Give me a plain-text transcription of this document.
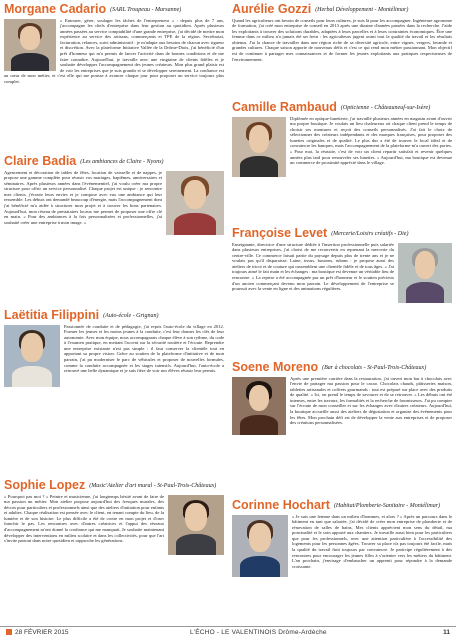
Morgane Cadario (SARL Troupeau - Marsanne)

« Entourer, gérer, soulager les tâches de l'entrepreneur » : depuis plus de 7 ans, j'accompagne les chefs d'entreprise dans leur gestion au quotidien. Après plusieurs années passées au service comptabilité d'une grande entreprise, j'ai décidé de mettre mon expérience au service des artisans, commerçants et TPE de la région. Secrétariat, facturation, relances, suivi administratif : je m'adapte aux besoins de chacun avec rigueur et discrétion. Avec la plateforme Initiative Vallée de la Drôme-Diois, j'ai bénéficié d'un prêt d'honneur qui m'a permis de lancer l'activité dans de bonnes conditions et de me faire connaître. Aujourd'hui, je travaille avec une vingtaine de clients fidèles et je souhaite développer l'accompagnement des jeunes créateurs. Mon plus grand plaisir est de voir les entreprises que je suis grandir et se développer sereinement. La confiance est au cœur de mon métier, et c'est elle qui me pousse à avancer chaque jour pour proposer un service toujours plus complet.

Claire Badia (Les ambiances de Claire - Nyons)

Agencement et décoration de tables de fêtes, location de vaisselle et de nappes, je propose une gamme complète pour réussir vos mariages, baptêmes, anniversaires et séminaires. Après plusieurs années dans l'événementiel, j'ai voulu créer ma propre structure pour offrir un service personnalisé. Chaque projet est unique : je rencontre mes clients, j'écoute leurs envies et je compose avec eux une ambiance qui leur ressemble. Les débuts ont demandé beaucoup d'énergie, mais l'accompagnement dont j'ai bénéficié m'a aidée à structurer mon projet et à trouver les bons partenaires. Aujourd'hui, mon réseau de prestataires locaux me permet de proposer une offre clé en main. « Pour des ambiances à la fois personnalisées et professionnelles, j'ai souhaité créer une entreprise à mon image. »

Laëtitia Filippini (Auto-école - Grignan)

Passionnée de conduite et de pédagogie, j'ai repris l'auto-école du village en 2012. Former les jeunes et les moins jeunes à la conduite, c'est leur donner les clés de leur autonomie. Avec mon équipe, nous accompagnons chaque élève à son rythme, du code à l'examen pratique, en mettant l'accent sur la sécurité routière et l'écoute. Reprendre une entreprise existante n'est pas simple : il faut conserver la clientèle tout en apportant sa propre vision. Grâce au soutien de la plateforme d'initiative et de mon parrain, j'ai pu moderniser le parc de véhicules et proposer de nouvelles formules, comme la conduite accompagnée et les stages intensifs. Aujourd'hui, l'auto-école a retrouvé une belle dynamique et je suis fière de voir nos élèves réussir leur permis.

Sophie Lopez (Music'Atelier d'art mural - St-Paul-Trois-Châteaux)

« Pourquoi pas moi ? » Peintre et musicienne, j'ai longtemps hésité avant de faire de ma passion un métier. Mon atelier propose aujourd'hui des fresques murales, des décors pour particuliers et professionnels ainsi que des ateliers d'initiation pour enfants et adultes. Chaque réalisation est pensée avec le client, en tenant compte du lieu, de la lumière et de son histoire. Le plus difficile a été de croire en mon projet et d'oser franchir le pas. Les rencontres avec d'autres créatrices et l'appui des réseaux d'accompagnement m'ont donné la confiance qui me manquait. Je souhaite maintenant développer des interventions en milieu scolaire et dans les collectivités, pour que l'art s'invite partout dans notre quotidien et rapproche les générations.

Aurélie Gozzi (Herbal Développement - Montélimar)

Quand les agriculteurs ont besoin de conseils pour leurs cultures, je suis là pour les accompagner. Ingénieure agronome de formation, j'ai créé mon entreprise de conseil en 2013 après une dizaine d'années passées dans la recherche. J'aide les exploitants à trouver des solutions durables, adaptées à leurs parcelles et à leurs contraintes économiques. Être une femme dans ce milieu n'a jamais été un frein : les agriculteurs jugent avant tout la qualité du travail et les résultats obtenus. J'ai la chance de travailler dans une région riche de sa diversité agricole, entre vignes, vergers, lavande et grandes cultures. Chaque saison apporte de nouveaux défis et c'est ce qui rend mon métier passionnant. Mon objectif est de continuer à partager mes connaissances et de former les jeunes exploitants aux pratiques respectueuses de l'environnement.

Camille Rambaud (Opticienne - Châteauneuf-sur-Isère)

Diplômée en optique-lunetterie, j'ai travaillé plusieurs années en magasin avant d'ouvrir ma propre boutique. Je voulais un lieu chaleureux où chaque client prend le temps de choisir ses montures et reçoit des conseils personnalisés. J'ai fait le choix de sélectionner des créateurs indépendants et des marques françaises, pour proposer des lunettes originales et de qualité. Le plus dur a été de trouver le local idéal et de convaincre les banques, mais l'accompagnement de la plateforme m'a ouvert des portes. « Pour moi, la réussite, c'est de voir un client repartir satisfait et revenir quelques années plus tard pour renouveler ses lunettes. » Aujourd'hui, ma boutique est devenue un commerce de proximité apprécié dans le village.

Françoise Levet (Mercerie/Loisirs créatifs - Die)

Enseignante, directrice d'une structure dédiée à l'insertion professionnelle puis salariée dans plusieurs entreprises, j'ai choisi de me reconvertir en reprenant la mercerie du centre-ville. Ce commerce faisait partie du paysage depuis plus de trente ans et je ne voulais pas qu'il disparaisse. Laine, tissus, boutons, rubans : je propose aussi des ateliers de tricot et de couture qui rassemblent une clientèle fidèle et de tous âges. « J'ai toujours aimé le fait main et les échanges : ma boutique est devenue un véritable lieu de rencontre. » La reprise a été accompagnée par un prêt d'honneur et le soutien précieux d'un ancien commerçant devenu mon parrain. Le développement de l'entreprise se poursuit avec la vente en ligne et des animations régulières.

Soene Moreno (Bar à chocolats - St-Paul-Trois-Châteaux)

Après une première carrière dans la restauration, j'ai ouvert mon bar à chocolats avec l'envie de partager ma passion pour le cacao. Chocolats chauds, pâtisseries maison, tablettes artisanales et coffrets gourmands : tout est préparé sur place avec des produits de qualité. « Ici, on prend le temps de savourer et de se retrouver. » Les débuts ont été intenses, entre les travaux, les formalités et la recherche de fournisseurs. J'ai pu compter sur l'écoute de mon conseiller et sur les échanges avec d'autres créateurs. Aujourd'hui, la boutique accueille aussi des ateliers de dégustation et organise des événements pour les fêtes. Mon prochain défi est de développer la vente aux entreprises et de proposer des créations personnalisées.

Corinne Hochart (Habitat/Plomberie-Sanitaire - Montélimar)

« Je suis une femme dans un milieu d'hommes, et alors ? » Après un parcours dans le bâtiment en tant que salariée, j'ai décidé de créer mon entreprise de plomberie et de rénovation de salles de bains. Mes clients apprécient mon sens du détail, ma ponctualité et le soin apporté aux chantiers. Je travaille aussi bien pour les particuliers que pour les professionnels, avec une attention particulière à l'accessibilité des logements pour les personnes âgées. Trouver sa place n'a pas toujours été facile, mais la qualité du travail finit toujours par convaincre. Je participe régulièrement à des rencontres pour encourager les jeunes filles à s'orienter vers les métiers du bâtiment. L'an prochain, j'envisage d'embaucher un apprenti pour répondre à la demande croissante.

28 FÉVRIER 2015	L'ÉCHO - LE VALENTINOIS Drôme-Ardèche	11
